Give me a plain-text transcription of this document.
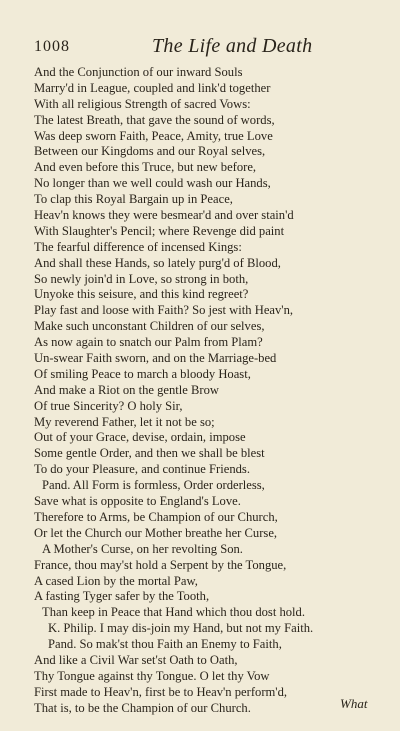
1008	The Life and Death
And the Conjunction of our inward Souls
Marry'd in League, coupled and link'd together
With all religious Strength of sacred Vows:
The latest Breath, that gave the sound of words,
Was deep sworn Faith, Peace, Amity, true Love
Between our Kingdoms and our Royal selves,
And even before this Truce, but new before,
No longer than we well could wash our Hands,
To clap this Royal Bargain up in Peace,
Heav'n knows they were besmear'd and over stain'd
With Slaughter's Pencil; where Revenge did paint
The fearful difference of incensed Kings:
And shall these Hands, so lately purg'd of Blood,
So newly join'd in Love, so strong in both,
Unyoke this seisure, and this kind regreet?
Play fast and loose with Faith? So jest with Heav'n,
Make such unconstant Children of our selves,
As now again to snatch our Palm from Plam?
Un-swear Faith sworn, and on the Marriage-bed
Of smiling Peace to march a bloody Hoast,
And make a Riot on the gentle Brow
Of true Sincerity? O holy Sir,
My reverend Father, let it not be so;
Out of your Grace, devise, ordain, impose
Some gentle Order, and then we shall be blest
To do your Pleasure, and continue Friends.
Pand. All Form is formless, Order orderless,
Save what is opposite to England's Love.
Therefore to Arms, be Champion of our Church,
Or let the Church our Mother breathe her Curse,
A Mother's Curse, on her revolting Son.
France, thou may'st hold a Serpent by the Tongue,
A cased Lion by the mortal Paw,
A fasting Tyger safer by the Tooth,
Than keep in Peace that Hand which thou dost hold.
K. Philip. I may dis-join my Hand, but not my Faith.
Pand. So mak'st thou Faith an Enemy to Faith,
And like a Civil War set'st Oath to Oath,
Thy Tongue against thy Tongue. O let thy Vow
First made to Heav'n, first be to Heav'n perform'd,
That is, to be the Champion of our Church.	What
